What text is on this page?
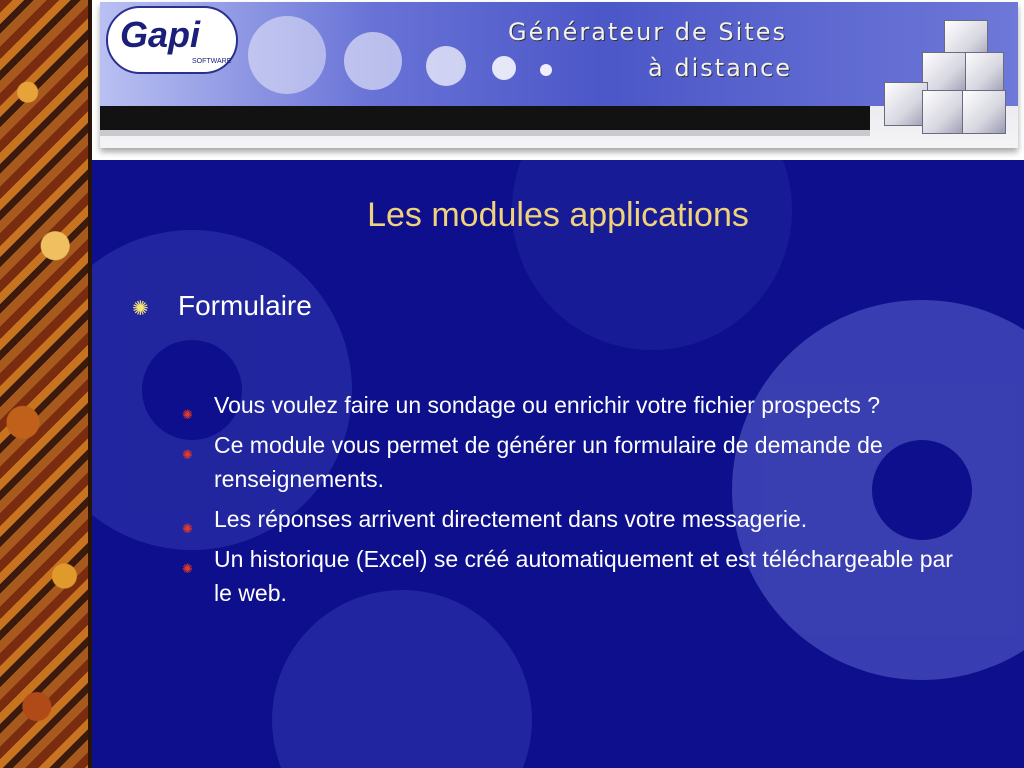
Gapi
SOFTWARE
Générateur de Sites
à distance
Les modules applications
✺ Formulaire
✺ Vous voulez faire un sondage ou enrichir votre fichier prospects ?
✺ Ce module vous permet de générer un formulaire de demande de renseignements.
✺ Les réponses arrivent directement dans votre messagerie.
✺ Un historique (Excel) se créé automatiquement et est téléchargeable par le web.
